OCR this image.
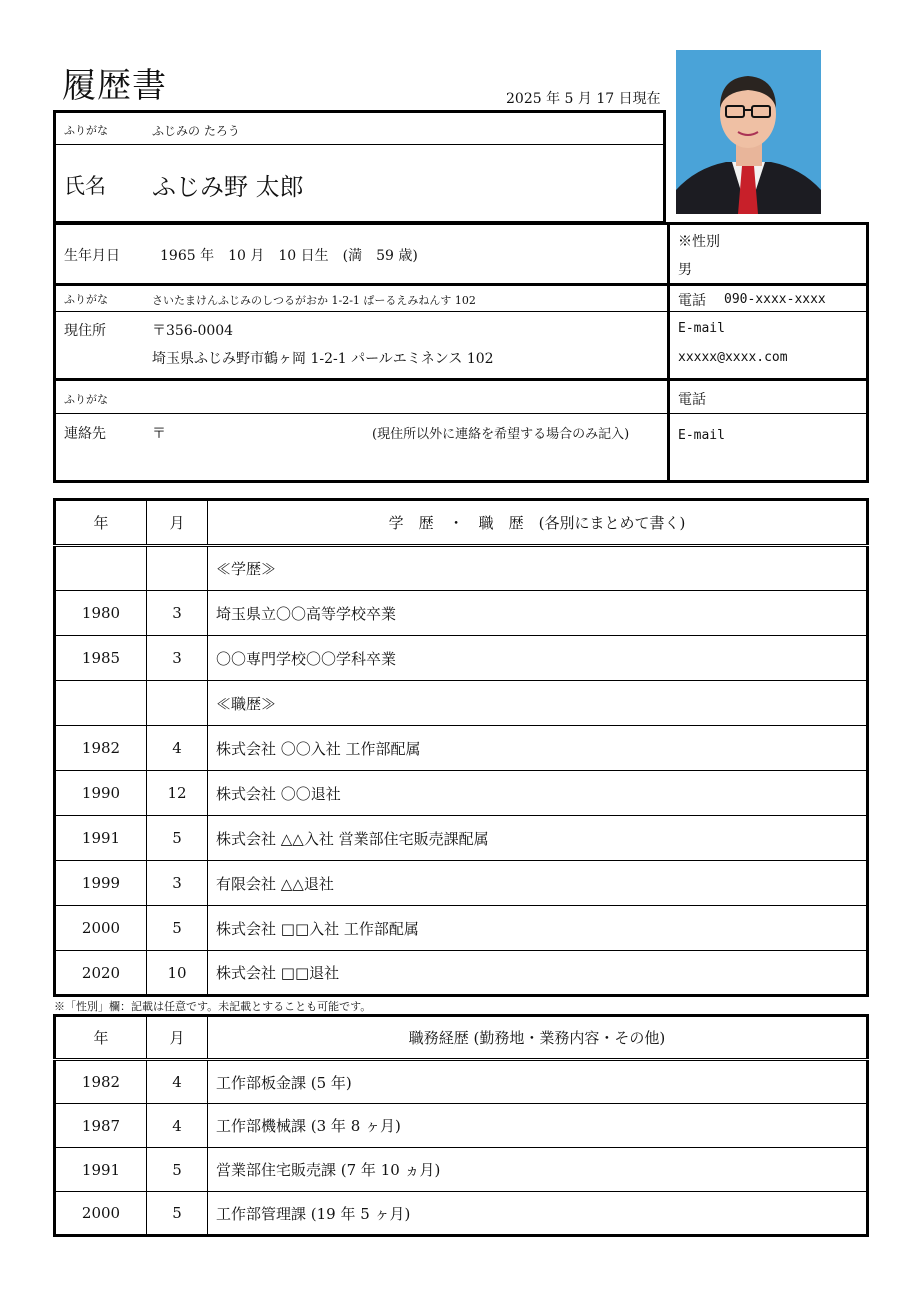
履歴書	2025 年 5 月 17 日現在
ふりがな	ふじみの たろう
氏名 ふじみ野 太郎
生年月日	1965 年　10 月　10 日生　(満　59 歳)
※性別
男
ふりがな	さいたまけんふじみのしつるがおか 1-2-1 ぱーるえみねんす 102
現住所	〒356-0004
埼玉県ふじみ野市鶴ヶ岡 1-2-1 パールエミネンス 102
電話 090-xxxx-xxxx
E-mail
xxxxx@xxxx.com
ふりがな
連絡先	〒	(現住所以外に連絡を希望する場合のみ記入)
電話
E-mail
年	月	学　歴　・　職　歴　(各別にまとめて書く)
		≪学歴≫
1980	3	埼玉県立〇〇高等学校卒業
1985	3	〇〇専門学校〇〇学科卒業
		≪職歴≫
1982	4	株式会社 〇〇入社 工作部配属
1990	12	株式会社 〇〇退社
1991	5	株式会社 △△入社 営業部住宅販売課配属
1999	3	有限会社 △△退社
2000	5	株式会社 □□入社 工作部配属
2020	10	株式会社 □□退社
※「性別」欄：記載は任意です。未記載とすることも可能です。
年	月	職務経歴 (勤務地・業務内容・その他)
1982	4	工作部板金課 (5 年)
1987	4	工作部機械課 (3 年 8 ヶ月)
1991	5	営業部住宅販売課 (7 年 10 ヵ月)
2000	5	工作部管理課 (19 年 5 ヶ月)
